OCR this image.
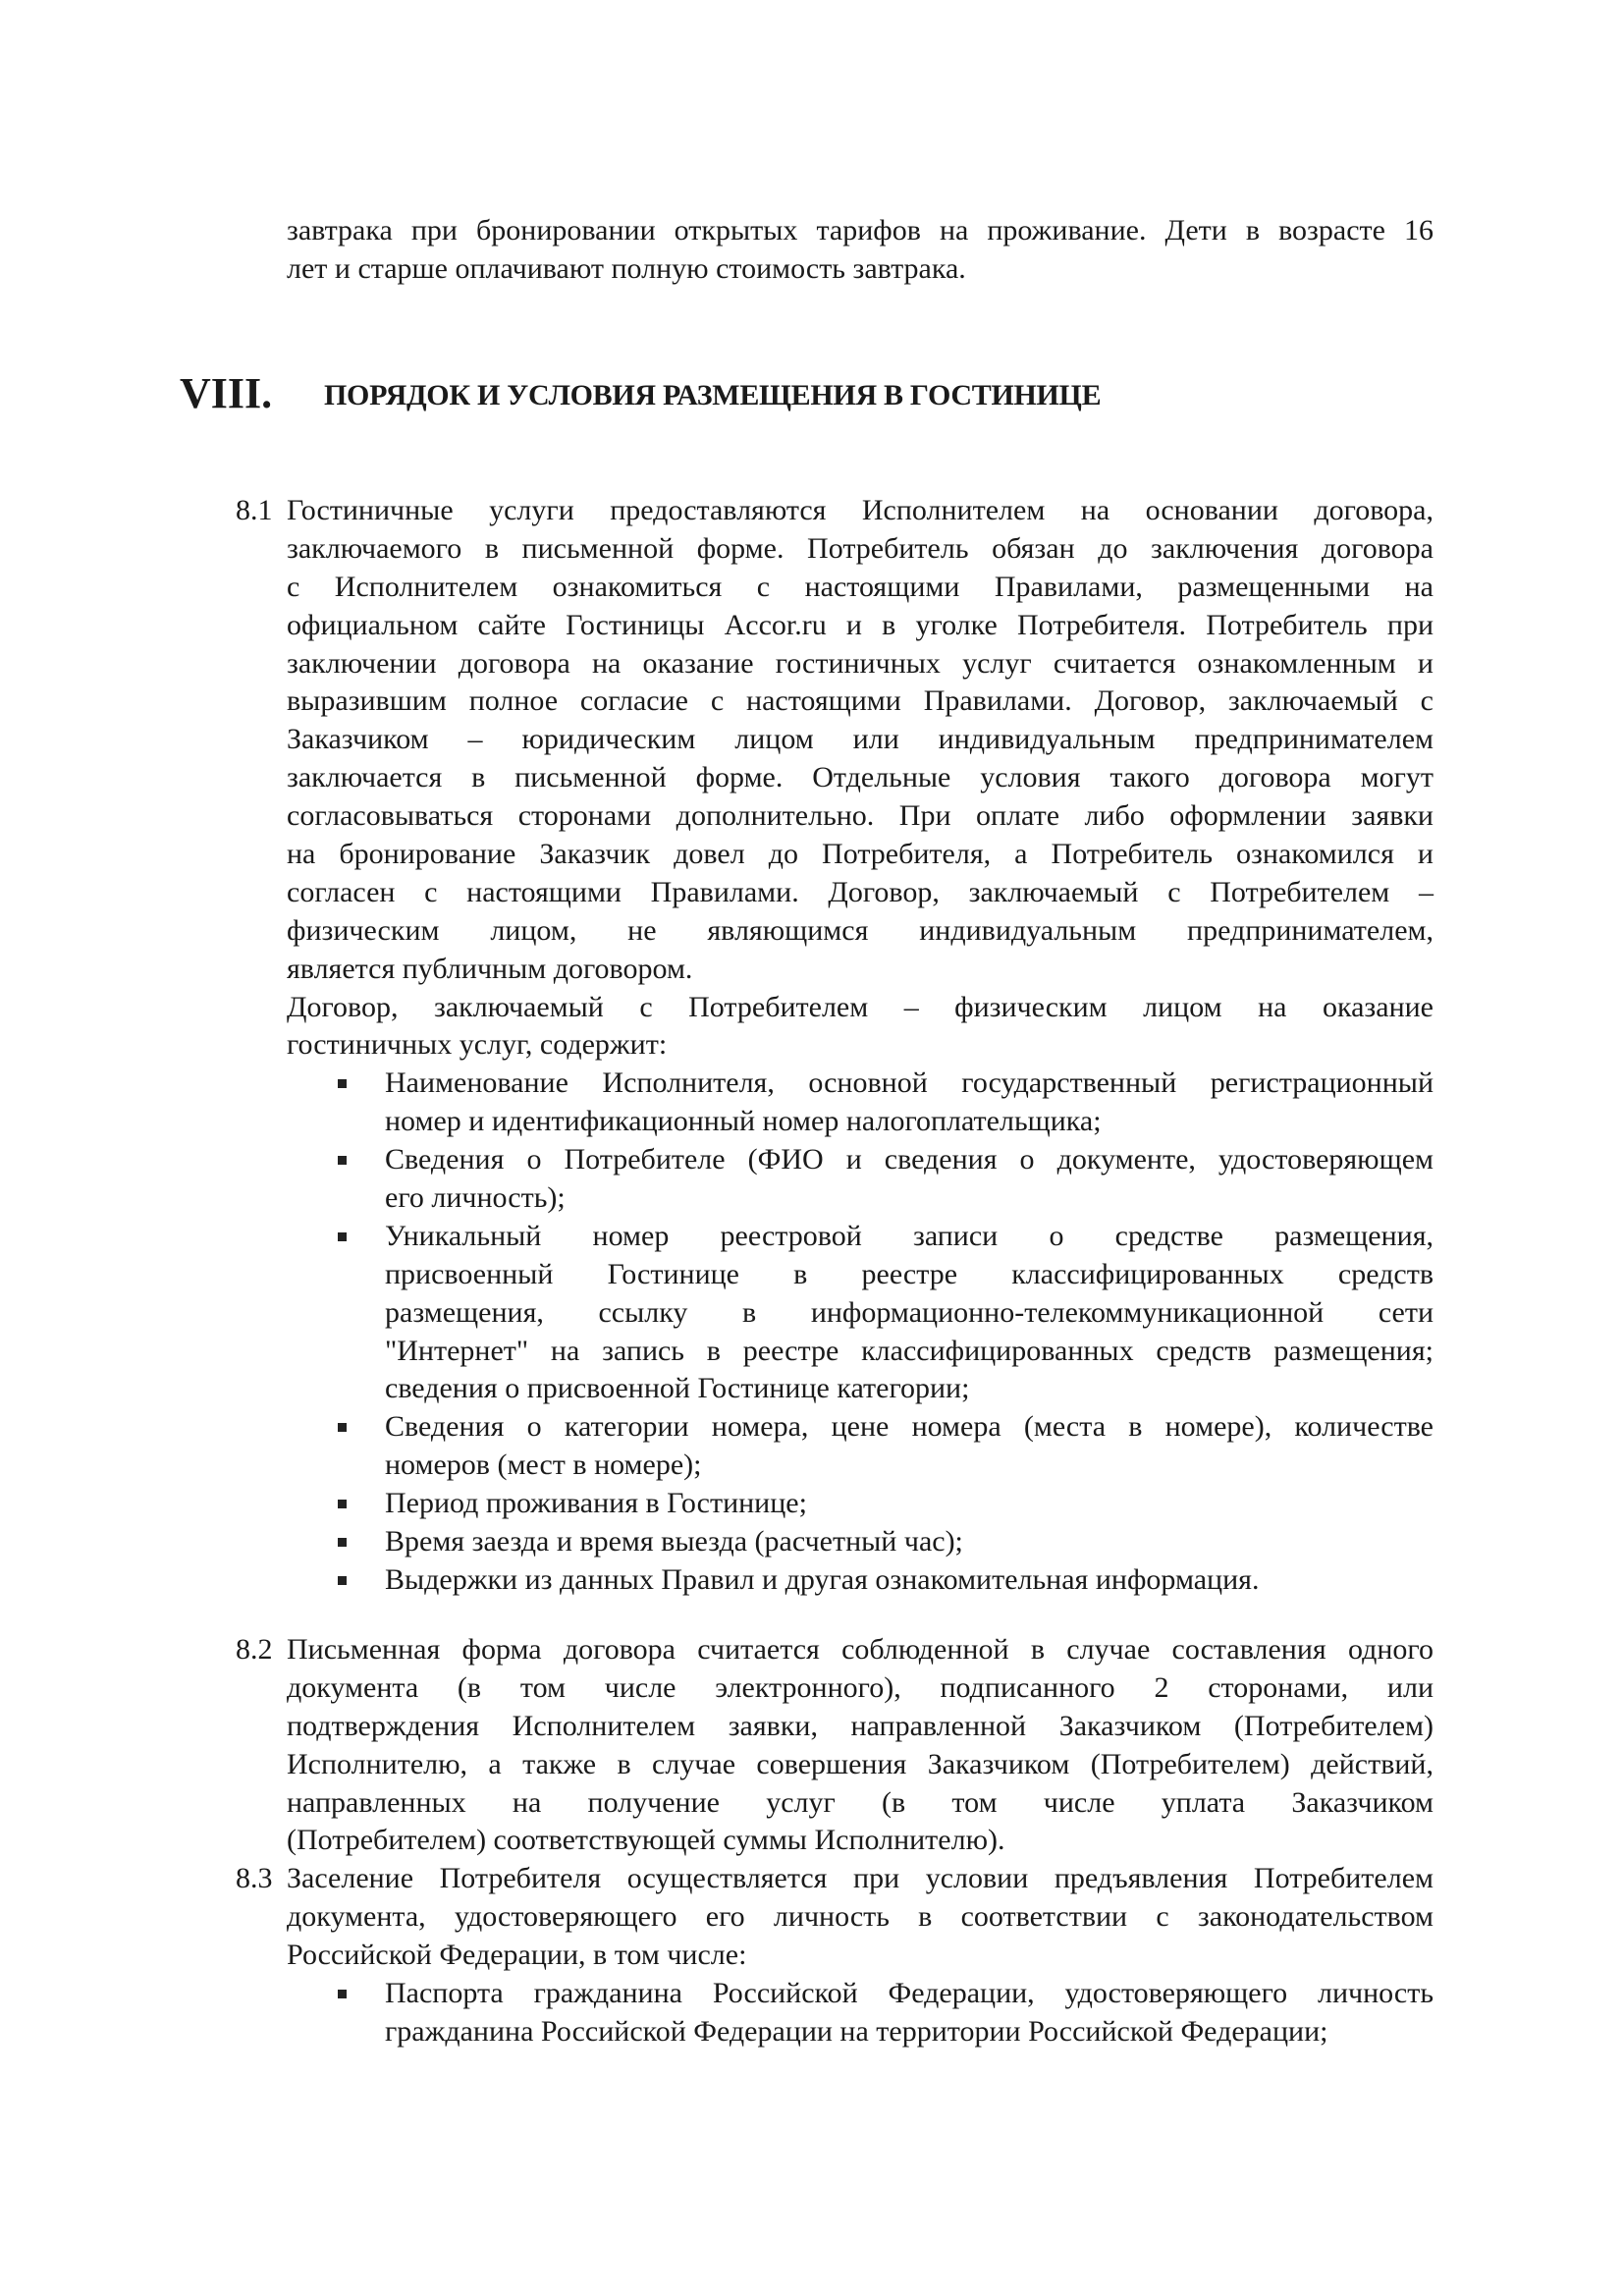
завтрака при бронировании открытых тарифов на проживание. Дети в возрасте 16
лет и старше оплачивают полную стоимость завтрака.
VIII. ПОРЯДОК И УСЛОВИЯ РАЗМЕЩЕНИЯ В ГОСТИНИЦЕ
8.1 Гостиничные услуги предоставляются Исполнителем на основании договора,
заключаемого в письменной форме. Потребитель обязан до заключения договора
с Исполнителем ознакомиться с настоящими Правилами, размещенными на
официальном сайте Гостиницы Accor.ru и в уголке Потребителя. Потребитель при
заключении договора на оказание гостиничных услуг считается ознакомленным и
выразившим полное согласие с настоящими Правилами. Договор, заключаемый с
Заказчиком – юридическим лицом или индивидуальным предпринимателем
заключается в письменной форме. Отдельные условия такого договора могут
согласовываться сторонами дополнительно. При оплате либо оформлении заявки
на бронирование Заказчик довел до Потребителя, а Потребитель ознакомился и
согласен с настоящими Правилами. Договор, заключаемый с Потребителем –
физическим лицом, не являющимся индивидуальным предпринимателем,
является публичным договором.
Договор, заключаемый с Потребителем – физическим лицом на оказание
гостиничных услуг, содержит:
Наименование Исполнителя, основной государственный регистрационный
номер и идентификационный номер налогоплательщика;
Сведения о Потребителе (ФИО и сведения о документе, удостоверяющем
его личность);
Уникальный номер реестровой записи о средстве размещения,
присвоенный Гостинице в реестре классифицированных средств
размещения, ссылку в информационно-телекоммуникационной сети
"Интернет" на запись в реестре классифицированных средств размещения;
сведения о присвоенной Гостинице категории;
Сведения о категории номера, цене номера (места в номере), количестве
номеров (мест в номере);
Период проживания в Гостинице;
Время заезда и время выезда (расчетный час);
Выдержки из данных Правил и другая ознакомительная информация.
8.2 Письменная форма договора считается соблюденной в случае составления одного
документа (в том числе электронного), подписанного 2 сторонами, или
подтверждения Исполнителем заявки, направленной Заказчиком (Потребителем)
Исполнителю, а также в случае совершения Заказчиком (Потребителем) действий,
направленных на получение услуг (в том числе уплата Заказчиком
(Потребителем) соответствующей суммы Исполнителю).
8.3 Заселение Потребителя осуществляется при условии предъявления Потребителем
документа, удостоверяющего его личность в соответствии с законодательством
Российской Федерации, в том числе:
Паспорта гражданина Российской Федерации, удостоверяющего личность
гражданина Российской Федерации на территории Российской Федерации;
